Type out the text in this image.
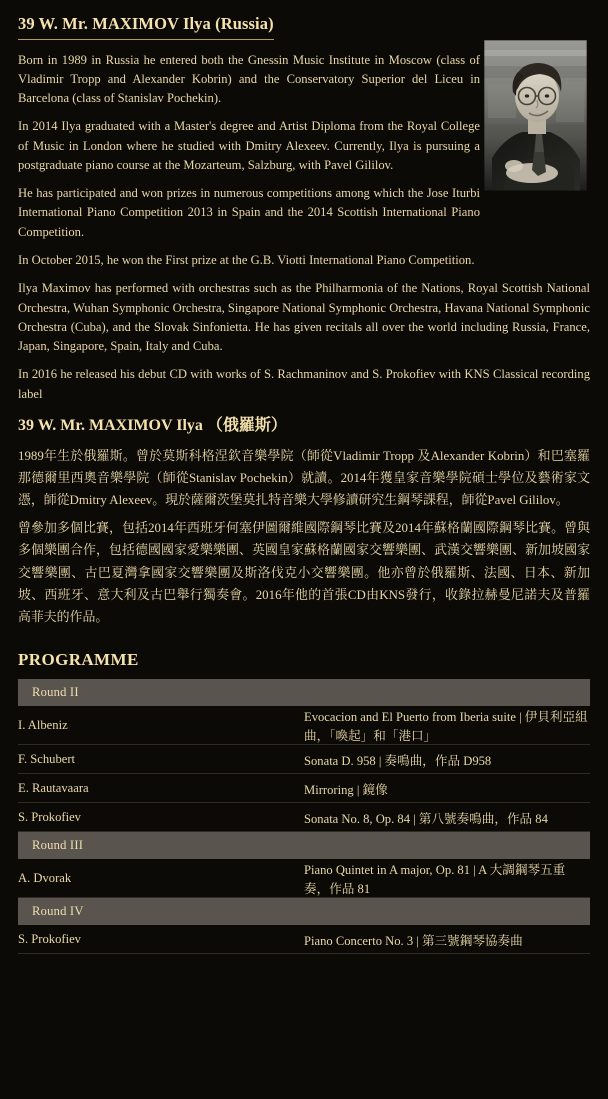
39 W. Mr. MAXIMOV Ilya (Russia)

Born in 1989 in Russia he entered both the Gnessin Music Institute in Moscow (class of Vladimir Tropp and Alexander Kobrin) and the Conservatory Superior del Liceu in Barcelona (class of Stanislav Pochekin).

In 2014 Ilya graduated with a Master's degree and Artist Diploma from the Royal College of Music in London where he studied with Dmitry Alexeev. Currently, Ilya is pursuing a postgraduate piano course at the Mozarteum, Salzburg, with Pavel Gililov.

He has participated and won prizes in numerous competitions among which the Jose Iturbi International Piano Competition 2013 in Spain and the 2014 Scottish International Piano Competition.

In October 2015, he won the First prize at the G.B. Viotti International Piano Competition.

Ilya Maximov has performed with orchestras such as the Philharmonia of the Nations, Royal Scottish National Orchestra, Wuhan Symphonic Orchestra, Singapore National Symphonic Orchestra, Havana National Symphonic Orchestra (Cuba), and the Slovak Sinfonietta. He has given recitals all over the world including Russia, France, Japan, Singapore, Spain, Italy and Cuba.

In 2016 he released his debut CD with works of S. Rachmaninov and S. Prokofiev with KNS Classical recording label

39 W. Mr. MAXIMOV Ilya （俄羅斯）

1989年生於俄羅斯。曾於莫斯科格涅欽音樂學院（師從Vladimir Tropp 及Alexander Kobrin）和巴塞羅那德爾里西奧音樂學院（師從Stanislav Pochekin）就讀。2014年獲皇家音樂學院碩士學位及藝術家文憑，師從Dmitry Alexeev。現於薩爾茨堡莫扎特音樂大學修讀研究生鋼琴課程，師從Pavel Gililov。

曾參加多個比賽，包括2014年西班牙何塞伊圖爾維國際鋼琴比賽及2014年蘇格蘭國際鋼琴比賽。曾與多個樂團合作，包括德國國家愛樂樂團、英國皇家蘇格蘭國家交響樂團、武漢交響樂團、新加坡國家交響樂團、古巴夏灣拿國家交響樂團及斯洛伐克小交響樂團。他亦曾於俄羅斯、法國、日本、新加坡、西班牙、意大利及古巴舉行獨奏會。2016年他的首張CD由KNS發行，收錄拉赫曼尼諾夫及普羅高菲夫的作品。

PROGRAMME
Round II	
I. Albeniz	Evocacion and El Puerto from Iberia suite | 伊貝利亞組曲，「喚起」和「港口」
F. Schubert	Sonata D. 958 | 奏鳴曲，作品 D958
E. Rautavaara	Mirroring | 鏡像
S. Prokofiev	Sonata No. 8, Op. 84 | 第八號奏鳴曲，作品 84
Round III	
A. Dvorak	Piano Quintet in A major, Op. 81 | A 大調鋼琴五重奏，作品 81
Round IV	
S. Prokofiev	Piano Concerto No. 3 | 第三號鋼琴協奏曲
